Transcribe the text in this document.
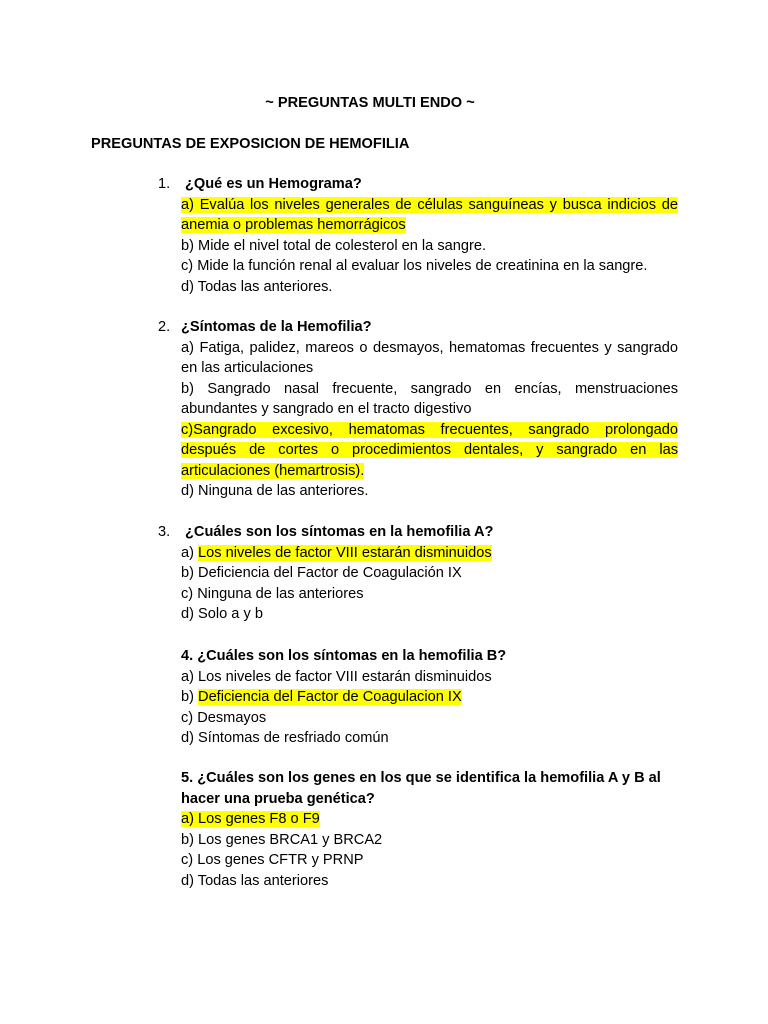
~ PREGUNTAS MULTI ENDO ~
PREGUNTAS DE EXPOSICION DE HEMOFILIA
1. ¿Qué es un Hemograma?

a) Evalúa los niveles generales de células sanguíneas y busca indicios de anemia o problemas hemorrágicos

b) Mide el nivel total de colesterol en la sangre.

c) Mide la función renal al evaluar los niveles de creatinina en la sangre.

d) Todas las anteriores.

2. ¿Síntomas de la Hemofilia?

a) Fatiga, palidez, mareos o desmayos, hematomas frecuentes y sangrado en las articulaciones

b) Sangrado nasal frecuente, sangrado en encías, menstruaciones abundantes y sangrado en el tracto digestivo

c)Sangrado excesivo, hematomas frecuentes, sangrado prolongado después de cortes o procedimientos dentales, y sangrado en las articulaciones (hemartrosis).

d) Ninguna de las anteriores.

3. ¿Cuáles son los síntomas en la hemofilia A?

a) Los niveles de factor VIII estarán disminuidos

b) Deficiencia del Factor de Coagulación IX

c) Ninguna de las anteriores

d) Solo a y b

4. ¿Cuáles son los síntomas en la hemofilia B?

a) Los niveles de factor VIII estarán disminuidos

b) Deficiencia del Factor de Coagulacion IX

c) Desmayos

d) Síntomas de resfriado común

5. ¿Cuáles son los genes en los que se identifica la hemofilia A y B al hacer una prueba genética?

a) Los genes F8 o F9

b) Los genes BRCA1 y BRCA2

c) Los genes CFTR y PRNP

d) Todas las anteriores
